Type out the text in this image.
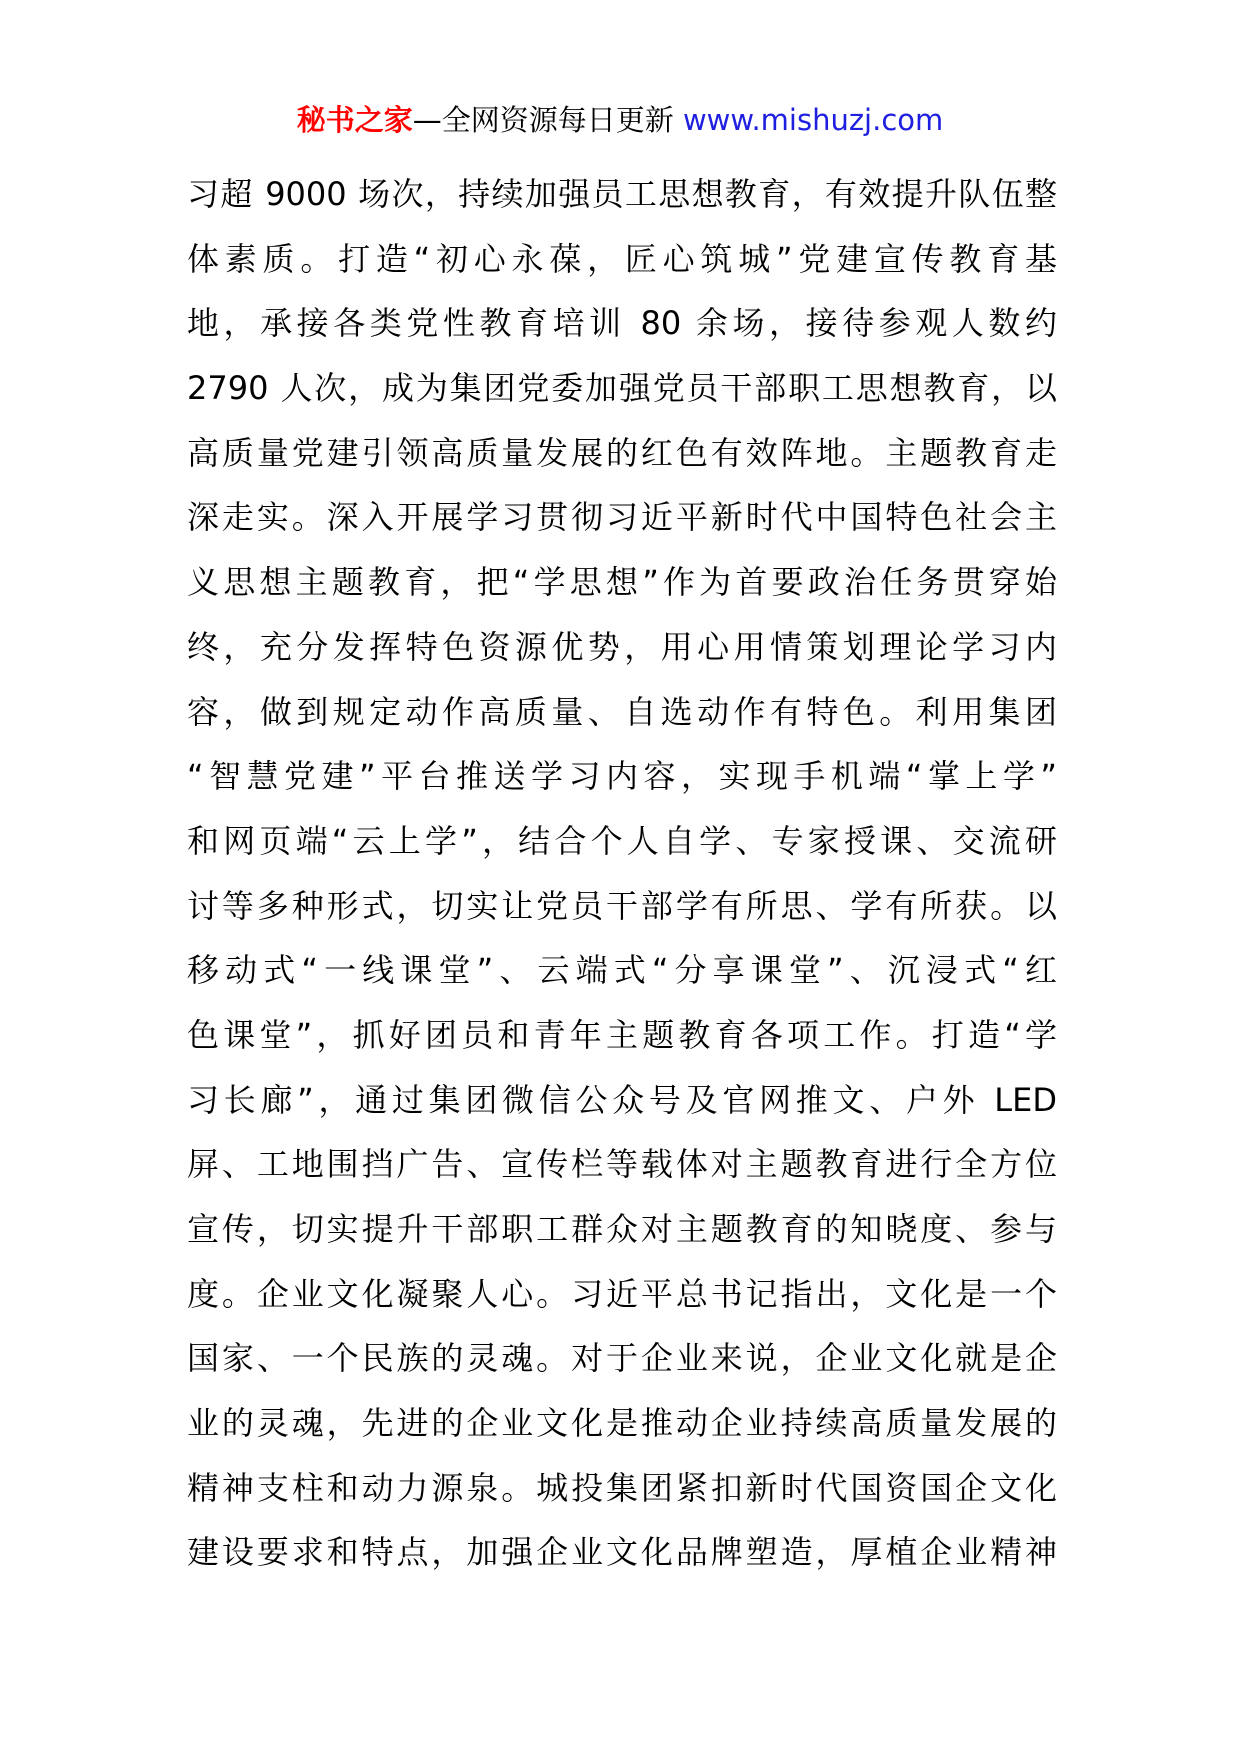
秘书之家—全网资源每日更新 www.mishuzj.com
习超 9000 场次，持续加强员工思想教育，有效提升队伍整
体素质。打造“初心永葆，匠心筑城”党建宣传教育基
地，承接各类党性教育培训 80 余场，接待参观人数约
2790 人次，成为集团党委加强党员干部职工思想教育，以
高质量党建引领高质量发展的红色有效阵地。主题教育走
深走实。深入开展学习贯彻习近平新时代中国特色社会主
义思想主题教育，把“学思想”作为首要政治任务贯穿始
终，充分发挥特色资源优势，用心用情策划理论学习内
容，做到规定动作高质量、自选动作有特色。利用集团
“智慧党建”平台推送学习内容，实现手机端“掌上学”
和网页端“云上学”，结合个人自学、专家授课、交流研
讨等多种形式，切实让党员干部学有所思、学有所获。以
移动式“一线课堂”、云端式“分享课堂”、沉浸式“红
色课堂”，抓好团员和青年主题教育各项工作。打造“学
习长廊”，通过集团微信公众号及官网推文、户外 LED
屏、工地围挡广告、宣传栏等载体对主题教育进行全方位
宣传，切实提升干部职工群众对主题教育的知晓度、参与
度。企业文化凝聚人心。习近平总书记指出，文化是一个
国家、一个民族的灵魂。对于企业来说，企业文化就是企
业的灵魂，先进的企业文化是推动企业持续高质量发展的
精神支柱和动力源泉。城投集团紧扣新时代国资国企文化
建设要求和特点，加强企业文化品牌塑造，厚植企业精神
